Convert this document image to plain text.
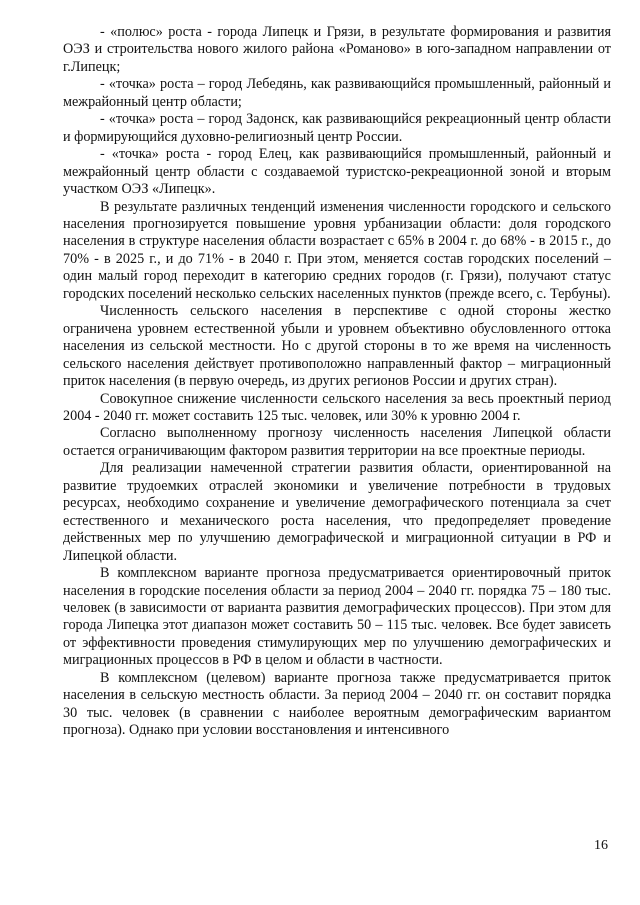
- «полюс» роста - города Липецк и Грязи, в результате формирования и развития ОЭЗ и строительства нового жилого района «Романово» в юго-западном направлении от г.Липецк;

- «точка» роста – город Лебедянь, как развивающийся промышленный, районный и межрайонный центр области;

- «точка» роста – город Задонск, как развивающийся рекреационный центр области и формирующийся духовно-религиозный центр России.

- «точка» роста - город Елец, как развивающийся промышленный, районный и межрайонный центр области с создаваемой туристско-рекреационной зоной и вторым участком ОЭЗ «Липецк».

В результате различных тенденций изменения численности городского и сельского населения прогнозируется повышение уровня урбанизации области: доля городского населения в структуре населения области возрастает с 65% в 2004 г. до 68% - в 2015 г., до 70% - в 2025 г., и до 71% - в 2040 г. При этом, меняется состав городских поселений – один малый город переходит в категорию средних городов (г. Грязи), получают статус городских поселений несколько сельских населенных пунктов (прежде всего, с. Тербуны).

Численность сельского населения в перспективе с одной стороны жестко ограничена уровнем естественной убыли и уровнем объективно обусловленного оттока населения из сельской местности. Но с другой стороны в то же время на численность сельского населения действует противоположно направленный фактор – миграционный приток населения (в первую очередь, из других регионов России и других стран).

Совокупное снижение численности сельского населения за весь проектный период 2004 - 2040 гг. может составить 125 тыс. человек, или 30% к уровню 2004 г.

Согласно выполненному прогнозу численность населения Липецкой области остается ограничивающим фактором развития территории на все проектные периоды.

Для реализации намеченной стратегии развития области, ориентированной на развитие трудоемких отраслей экономики и увеличение потребности в трудовых ресурсах, необходимо сохранение и увеличение демографического потенциала за счет естественного и механического роста населения, что предопределяет проведение действенных мер по улучшению демографической и миграционной ситуации в РФ и Липецкой области.

В комплексном варианте прогноза предусматривается ориентировочный приток населения в городские поселения области за период 2004 – 2040 гг. порядка 75 – 180 тыс. человек (в зависимости от варианта развития демографических процессов). При этом для города Липецка этот диапазон может составить 50 – 115 тыс. человек. Все будет зависеть от эффективности проведения стимулирующих мер по улучшению демографических и миграционных процессов в РФ в целом и области в частности.

В комплексном (целевом) варианте прогноза также предусматривается приток населения в сельскую местность области. За период 2004 – 2040 гг. он составит порядка 30 тыс. человек (в сравнении с наиболее вероятным демографическим вариантом прогноза). Однако при условии восстановления и интенсивного

16
